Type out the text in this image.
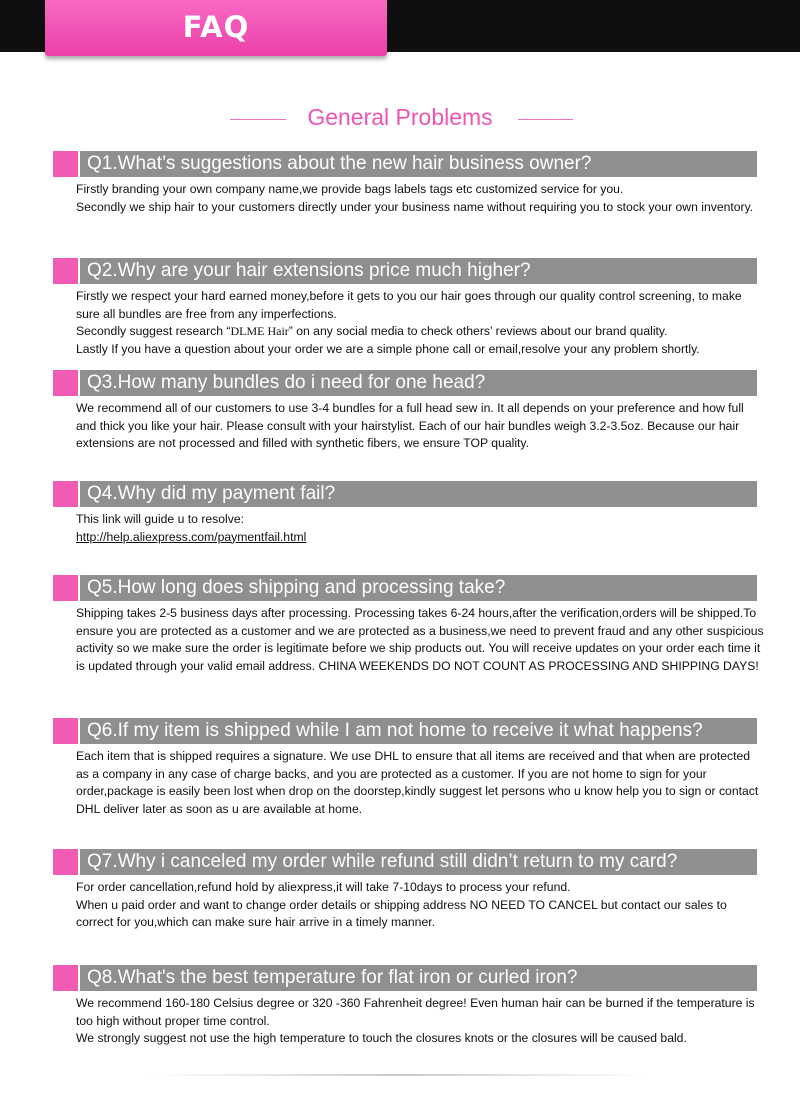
FAQ
General Problems
Q1.What’s suggestions about the new hair business owner?

Firstly branding your own company name,we provide bags labels tags etc customized service for you.

Secondly we ship hair to your customers directly under your business name without requiring you to stock your own inventory.

Q2.Why are your hair extensions price much higher?

Firstly we respect your hard earned money,before it gets to you our hair goes through our quality control screening, to make sure all bundles are free from any imperfections.

Secondly suggest research “DLME Hair” on any social media to check others’ reviews about our brand quality.

Lastly If you have a question about your order we are a simple phone call or email,resolve your any problem shortly.

Q3.How many bundles do i need for one head?

We recommend all of our customers to use 3-4 bundles for a full head sew in. It all depends on your preference and how full and thick you like your hair. Please consult with your hairstylist. Each of our hair bundles weigh 3.2-3.5oz. Because our hair extensions are not processed and filled with synthetic fibers, we ensure TOP quality.

Q4.Why did my payment fail?

This link will guide u to resolve:

http://help.aliexpress.com/paymentfail.html

Q5.How long does shipping and processing take?

Shipping takes 2-5 business days after processing. Processing takes 6-24 hours,after the verification,orders will be shipped.To ensure you are protected as a customer and we are protected as a business,we need to prevent fraud and any other suspicious activity so we make sure the order is legitimate before we ship products out. You will receive updates on your order each time it is updated through your valid email address. CHINA WEEKENDS DO NOT COUNT AS PROCESSING AND SHIPPING DAYS!

Q6.If my item is shipped while I am not home to receive it what happens?

Each item that is shipped requires a signature. We use DHL to ensure that all items are received and that when are protected as a company in any case of charge backs, and you are protected as a customer. If you are not home to sign for your order,package is easily been lost when drop on the doorstep,kindly suggest let persons who u know help you to sign or contact DHL deliver later as soon as u are available at home.

Q7.Why i canceled my order while refund still didn’t return to my card?

For order cancellation,refund hold by aliexpress,it will take 7-10days to process your refund.

When u paid order and want to change order details or shipping address NO NEED TO CANCEL but contact our sales to correct for you,which can make sure hair arrive in a timely manner.

Q8.What's the best temperature for flat iron or curled iron?

We recommend 160-180 Celsius degree or 320 -360 Fahrenheit degree! Even human hair can be burned if the temperature is too high without proper time control.

We strongly suggest not use the high temperature to touch the closures knots or the closures will be caused bald.
